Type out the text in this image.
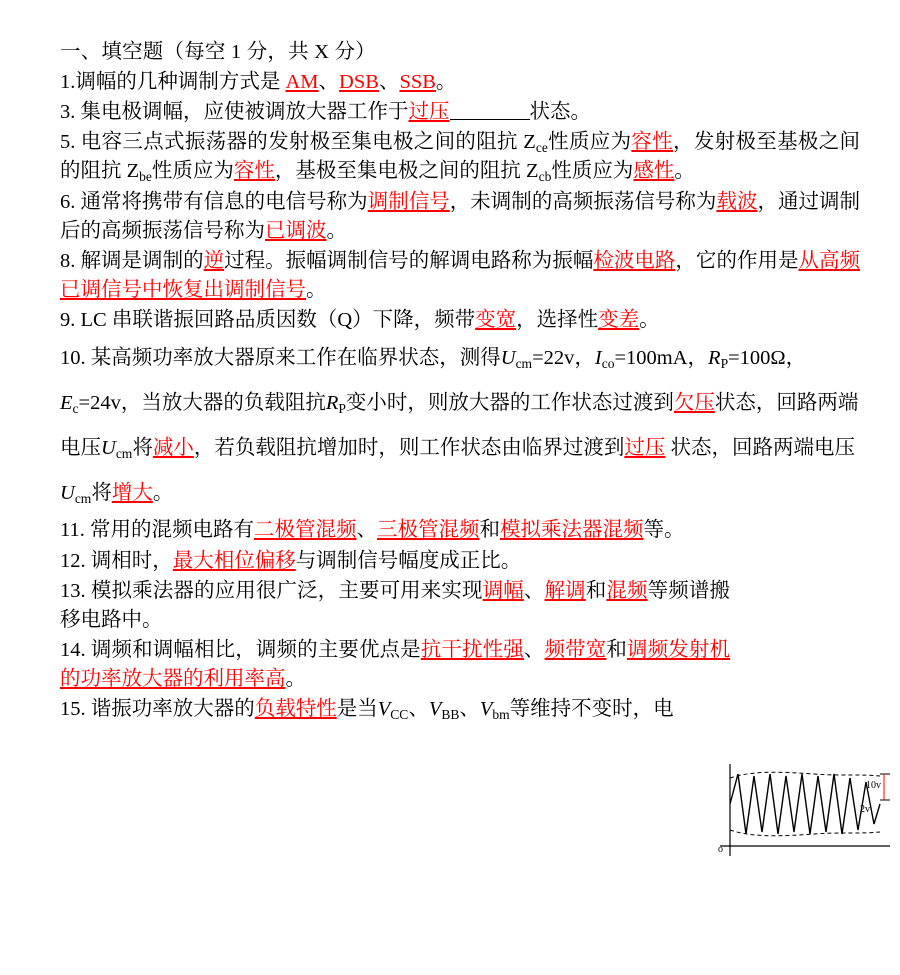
一、填空题（每空 1 分，共 X 分）
1.调幅的几种调制方式是 AM、DSB、SSB。
3. 集电极调幅，应使被调放大器工作于过压	状态。
5. 电容三点式振荡器的发射极至集电极之间的阻抗 $Z_{ce}$性质应为容性，发射极至基极之间的阻抗 $Z_{be}$性质应为容性，基极至集电极之间的阻抗 $Z_{cb}$性质应为感性。
6. 通常将携带有信息的电信号称为调制信号，未调制的高频振荡信号称为载波，通过调制后的高频振荡信号称为已调波。
8. 解调是调制的逆过程。振幅调制信号的解调电路称为振幅检波电路，它的作用是从高频已调信号中恢复出调制信号。
9. LC 串联谐振回路品质因数（Q）下降，频带变宽，选择性变差。
10. 某高频功率放大器原来工作在临界状态，测得$U_{cm}=22v$，$I_{co}=100mA$，$R_P=100\Omega$，$E_c=24v$，当放大器的负载阻抗$R_P$变小时，则放大器的工作状态过渡到欠压状态，回路两端电压$U_{cm}$将减小，若负载阻抗增加时，则工作状态由临界过渡到过压 状态，回路两端电压$U_{cm}$将增大。
11. 常用的混频电路有二极管混频、三极管混频和模拟乘法器混频等。
12. 调相时，最大相位偏移与调制信号幅度成正比。
13. 模拟乘法器的应用很广泛，主要可用来实现调幅、解调和混频等频谱搬移电路中。
14. 调频和调幅相比，调频的主要优点是抗干扰性强、频带宽和调频发射机的功率放大器的利用率高。
15. 谐振功率放大器的负载特性是当$V_{CC}$、$V_{BB}$、$V_{bm}$等维持不变时，电
10v
2v
o
